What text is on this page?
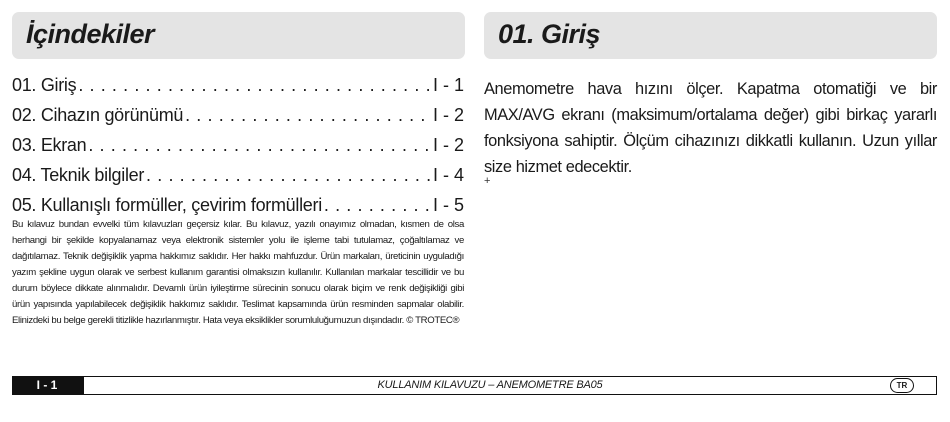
İçindekiler	01. Giriş
01. Giriş . . .	I - 1
02. Cihazın görünümü . . .	I - 2
03. Ekran . . .	I - 2
04. Teknik bilgiler . . .	I - 4
05. Kullanışlı formüller, çevirim formülleri . . .	I - 5
Bu kılavuz bundan evvelki tüm kılavuzları geçersiz kılar. Bu kılavuz, yazılı onayımız olmadan, kısmen de olsa herhangi bir şekilde kopyalanamaz veya elektronik sistemler yolu ile işleme tabi tutulamaz, çoğaltılamaz ve dağıtılamaz. Teknik değişiklik yapma hakkımız saklıdır. Her hakkı mahfuzdur. Ürün markaları, üreticinin uyguladığı yazım şekline uygun olarak ve serbest kullanım garantisi olmaksızın kullanılır. Kullanılan markalar tescillidir ve bu durum böylece dikkate alınmalıdır. Devamlı ürün iyileştirme sürecinin sonucu olarak biçim ve renk değişikliği gibi ürün yapısında yapılabilecek değişiklik hakkımız saklıdır. Teslimat kapsamında ürün resminden sapmalar olabilir. Elinizdeki bu belge gerekli titizlikle hazırlanmıştır. Hata veya eksiklikler sorumluluğumuzun dışındadır. © TROTEC®
Anemometre hava hızını ölçer. Kapatma otomatiği ve bir MAX/AVG ekranı (maksimum/ortalama değer) gibi birkaç yararlı fonksiyona sahiptir. Ölçüm cihazınızı dikkatli kullanın. Uzun yıllar size hizmet edecektir.
+
I - 1	KULLANIM KILAVUZU – ANEMOMETRE BA05	TR
